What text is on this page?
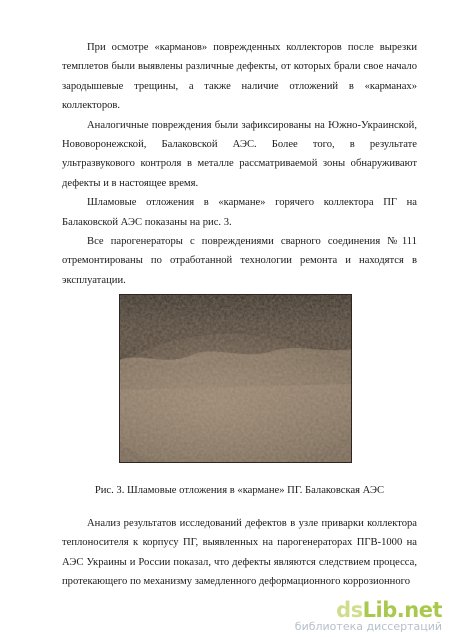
При осмотре «карманов» поврежденных коллекторов после вырезки темплетов были выявлены различные дефекты, от которых брали свое начало зародышевые трещины, а также наличие отложений в «карманах» коллекторов.

Аналогичные повреждения были зафиксированы на Южно-Украинской, Нововоронежской, Балаковской АЭС. Более того, в результате ультразвукового контроля в металле рассматриваемой зоны обнаруживают дефекты и в настоящее время.

Шламовые отложения в «кармане» горячего коллектора ПГ на Балаковской АЭС показаны на рис. 3.

Все парогенераторы с повреждениями сварного соединения №111 отремонтированы по отработанной технологии ремонта и находятся в эксплуатации.

Рис. 3. Шламовые отложения в «кармане» ПГ. Балаковская АЭС

Анализ результатов исследований дефектов в узле приварки коллектора теплоносителя к корпусу ПГ, выявленных на парогенераторах ПГВ-1000 на АЭС Украины и России показал, что дефекты являются следствием процесса, протекающего по механизму замедленного деформационного коррозионного

dsLib.net
библиотека диссертаций
